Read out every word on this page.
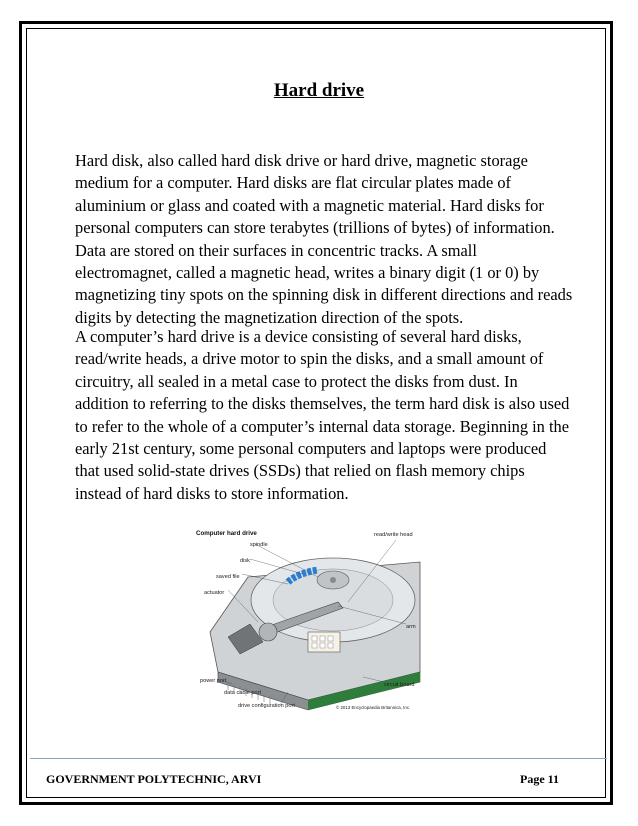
Hard drive

Hard disk, also called hard disk drive or hard drive, magnetic storage medium for a computer. Hard disks are flat circular plates made of aluminium or glass and coated with a magnetic material. Hard disks for personal computers can store terabytes (trillions of bytes) of information. Data are stored on their surfaces in concentric tracks. A small electromagnet, called a magnetic head, writes a binary digit (1 or 0) by magnetizing tiny spots on the spinning disk in different directions and reads digits by detecting the magnetization direction of the spots.

A computer’s hard drive is a device consisting of several hard disks, read/write heads, a drive motor to spin the disks, and a small amount of circuitry, all sealed in a metal case to protect the disks from dust. In addition to referring to the disks themselves, the term hard disk is also used to refer to the whole of a computer’s internal data storage. Beginning in the early 21st century, some personal computers and laptops were produced that used solid-state drives (SSDs) that relied on flash memory chips instead of hard disks to store information.

Computer hard drive	read/write head
spindle
disk
saved file
actuator
arm
power port
data cable port
drive configuration port
circuit board
© 2013 Encyclopaedia Britannica, Inc.
GOVERNMENT POLYTECHNIC, ARVI	Page 11
